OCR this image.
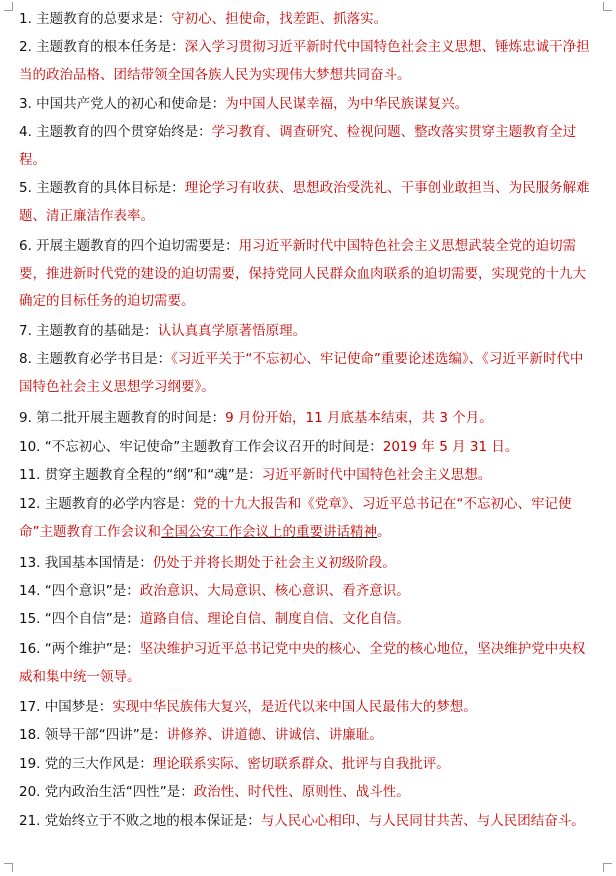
1. 主题教育的总要求是：守初心、担使命，找差距、抓落实。

2. 主题教育的根本任务是：深入学习贯彻习近平新时代中国特色社会主义思想、锤炼忠诚干净担当的政治品格、团结带领全国各族人民为实现伟大梦想共同奋斗。

3. 中国共产党人的初心和使命是：为中国人民谋幸福，为中华民族谋复兴。

4. 主题教育的四个贯穿始终是：学习教育、调查研究、检视问题、整改落实贯穿主题教育全过程。

5. 主题教育的具体目标是：理论学习有收获、思想政治受洗礼、干事创业敢担当、为民服务解难题、清正廉洁作表率。

6. 开展主题教育的四个迫切需要是：用习近平新时代中国特色社会主义思想武装全党的迫切需要，推进新时代党的建设的迫切需要，保持党同人民群众血肉联系的迫切需要，实现党的十九大确定的目标任务的迫切需要。

7. 主题教育的基础是：认认真真学原著悟原理。

8. 主题教育必学书目是：《习近平关于“不忘初心、牢记使命”重要论述选编》、《习近平新时代中国特色社会主义思想学习纲要》。

9. 第二批开展主题教育的时间是：9 月份开始，11 月底基本结束，共 3 个月。

10. “不忘初心、牢记使命”主题教育工作会议召开的时间是：2019 年 5 月 31 日。

11. 贯穿主题教育全程的“纲”和“魂”是：习近平新时代中国特色社会主义思想。

12. 主题教育的必学内容是：党的十九大报告和《党章》、习近平总书记在“不忘初心、牢记使命”主题教育工作会议和全国公安工作会议上的重要讲话精神。

13. 我国基本国情是：仍处于并将长期处于社会主义初级阶段。

14. “四个意识”是：政治意识、大局意识、核心意识、看齐意识。

15. “四个自信”是：道路自信、理论自信、制度自信、文化自信。

16. “两个维护”是：坚决维护习近平总书记党中央的核心、全党的核心地位，坚决维护党中央权威和集中统一领导。

17. 中国梦是：实现中华民族伟大复兴，是近代以来中国人民最伟大的梦想。

18. 领导干部“四讲”是：讲修养、讲道德、讲诚信、讲廉耻。

19. 党的三大作风是：理论联系实际、密切联系群众、批评与自我批评。

20. 党内政治生活“四性”是：政治性、时代性、原则性、战斗性。

21. 党始终立于不败之地的根本保证是：与人民心心相印、与人民同甘共苦、与人民团结奋斗。
